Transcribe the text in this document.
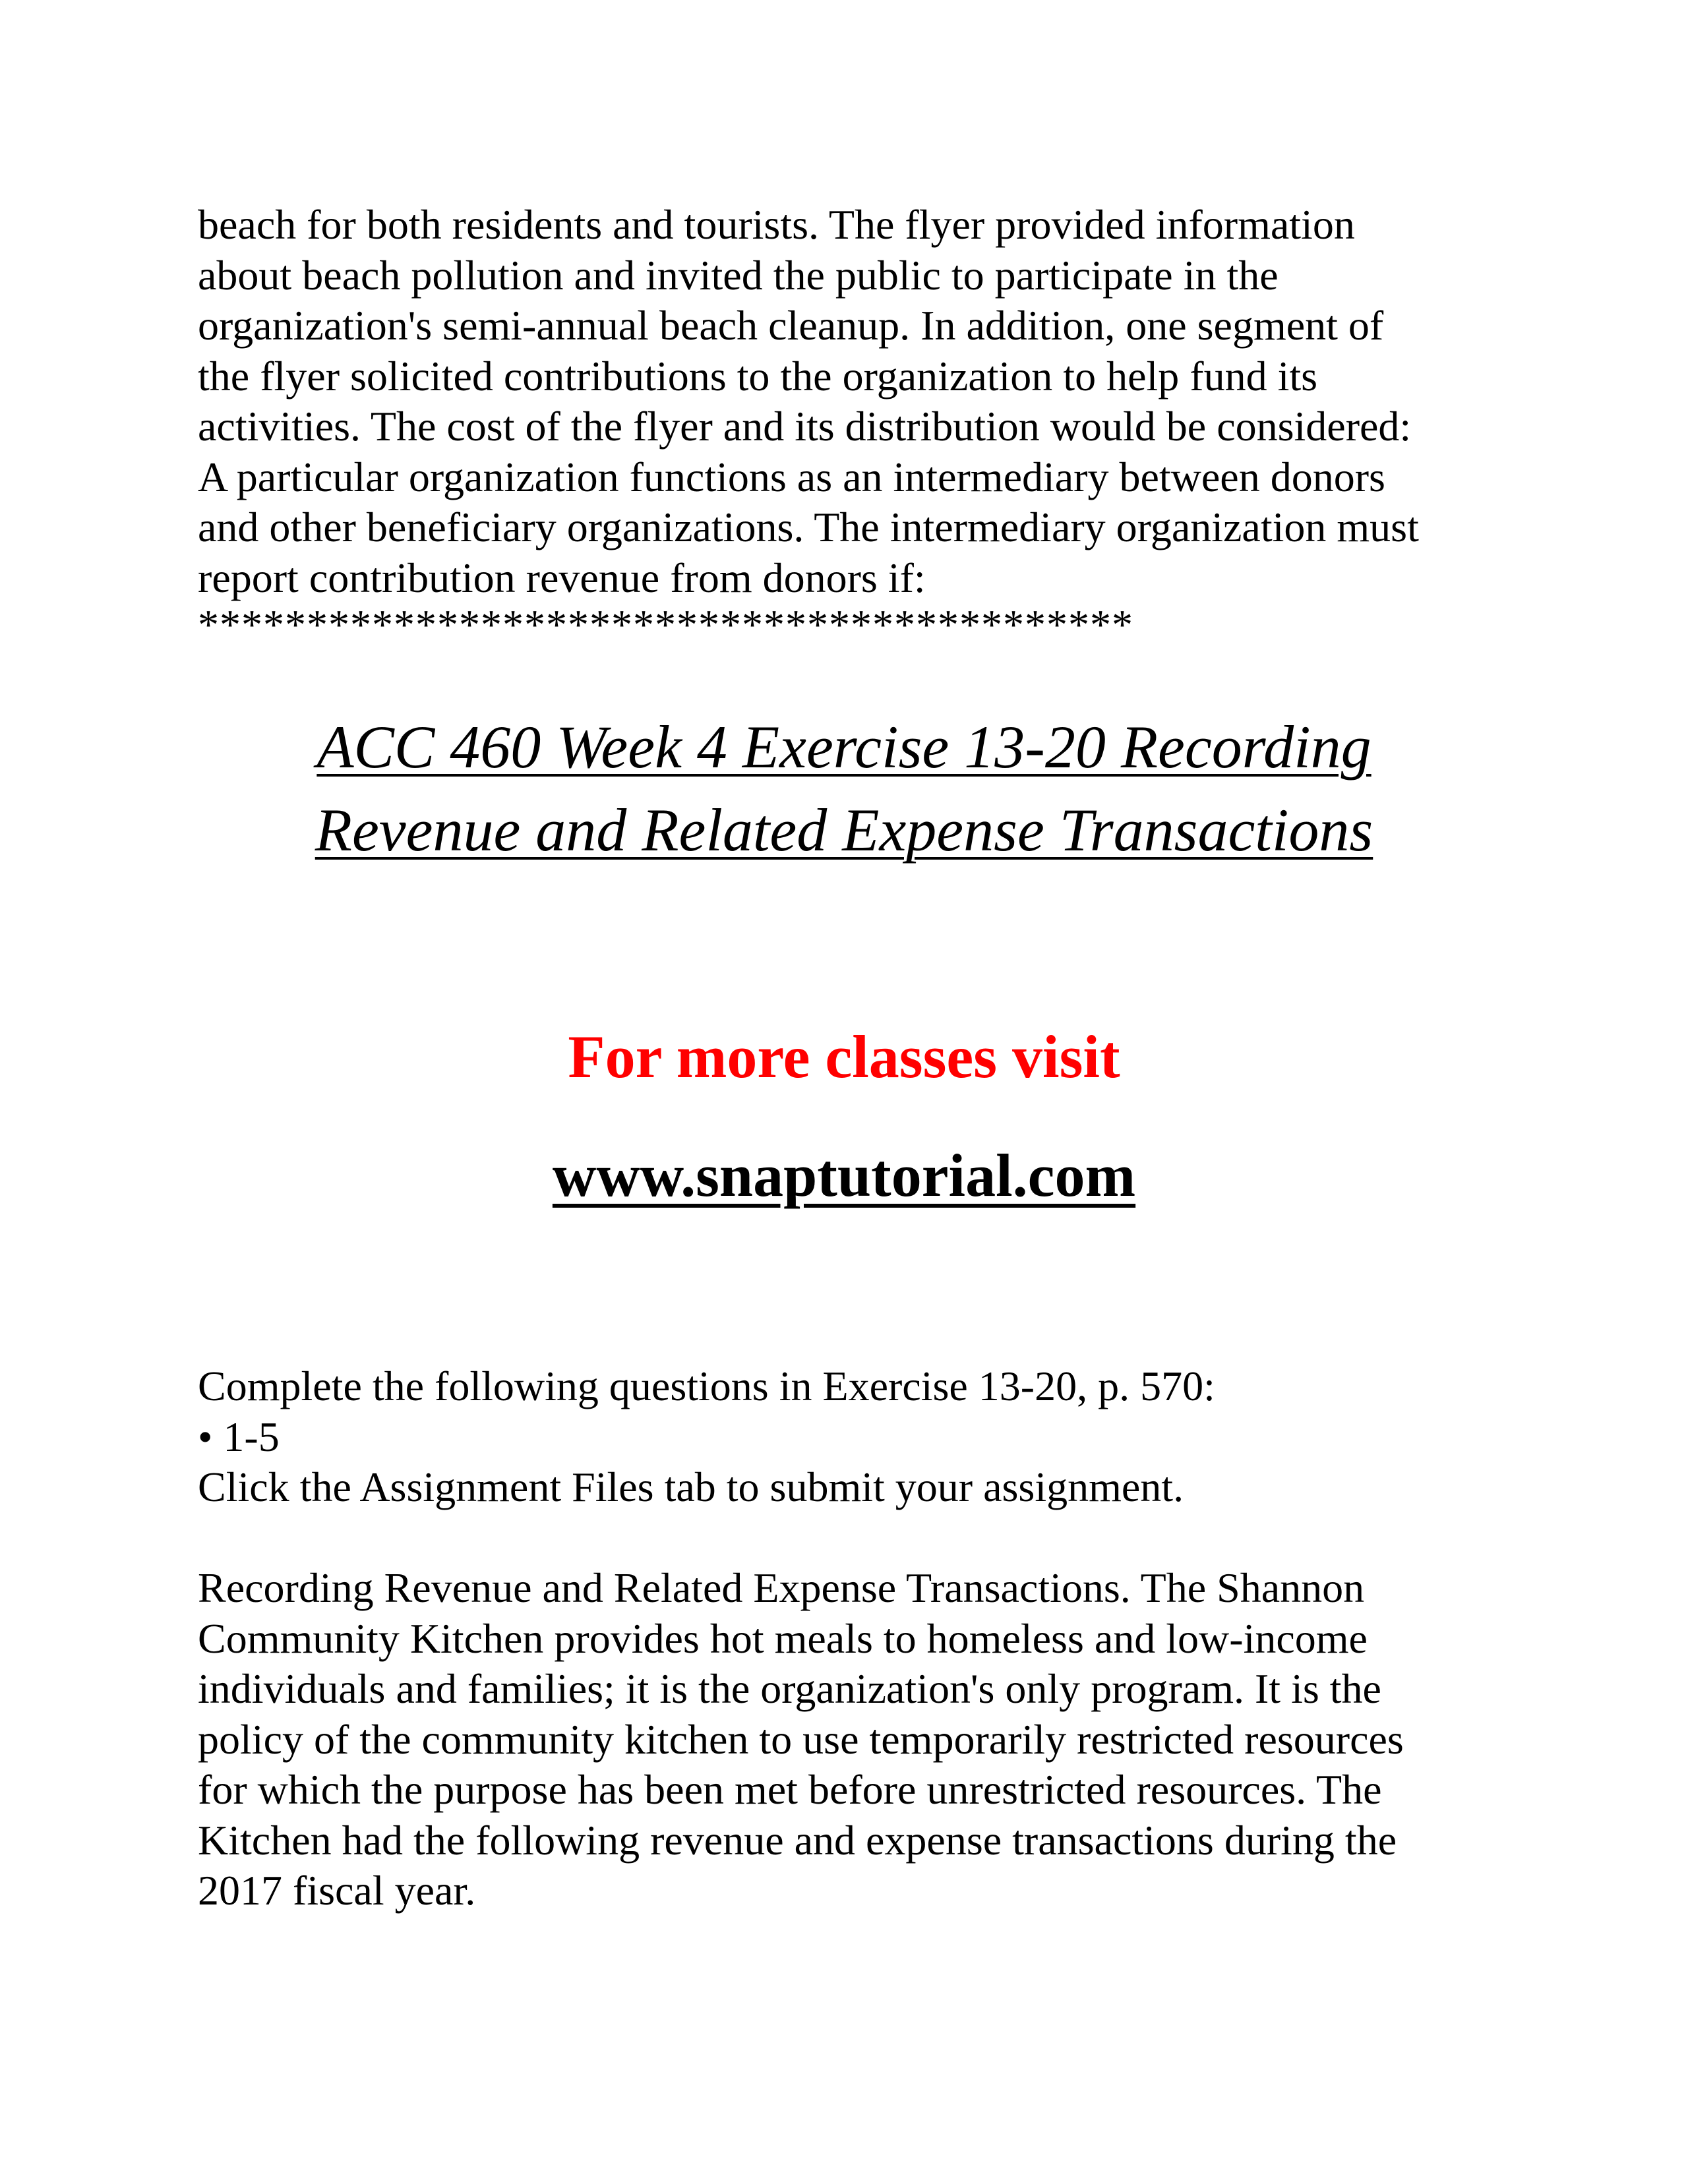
beach for both residents and tourists. The flyer provided information
about beach pollution and invited the public to participate in the
organization's semi-annual beach cleanup. In addition, one segment of
the flyer solicited contributions to the organization to help fund its
activities. The cost of the flyer and its distribution would be considered:
A particular organization functions as an intermediary between donors
and other beneficiary organizations. The intermediary organization must
report contribution revenue from donors if:

*******************************************

ACC 460 Week 4 Exercise 13-20 Recording

Revenue and Related Expense Transactions

For more classes visit

www.snaptutorial.com

Complete the following questions in Exercise 13-20, p. 570:
• 1-5
Click the Assignment Files tab to submit your assignment.

Recording Revenue and Related Expense Transactions. The Shannon
Community Kitchen provides hot meals to homeless and low-income
individuals and families; it is the organization's only program. It is the
policy of the community kitchen to use temporarily restricted resources
for which the purpose has been met before unrestricted resources. The
Kitchen had the following revenue and expense transactions during the
2017 fiscal year.
